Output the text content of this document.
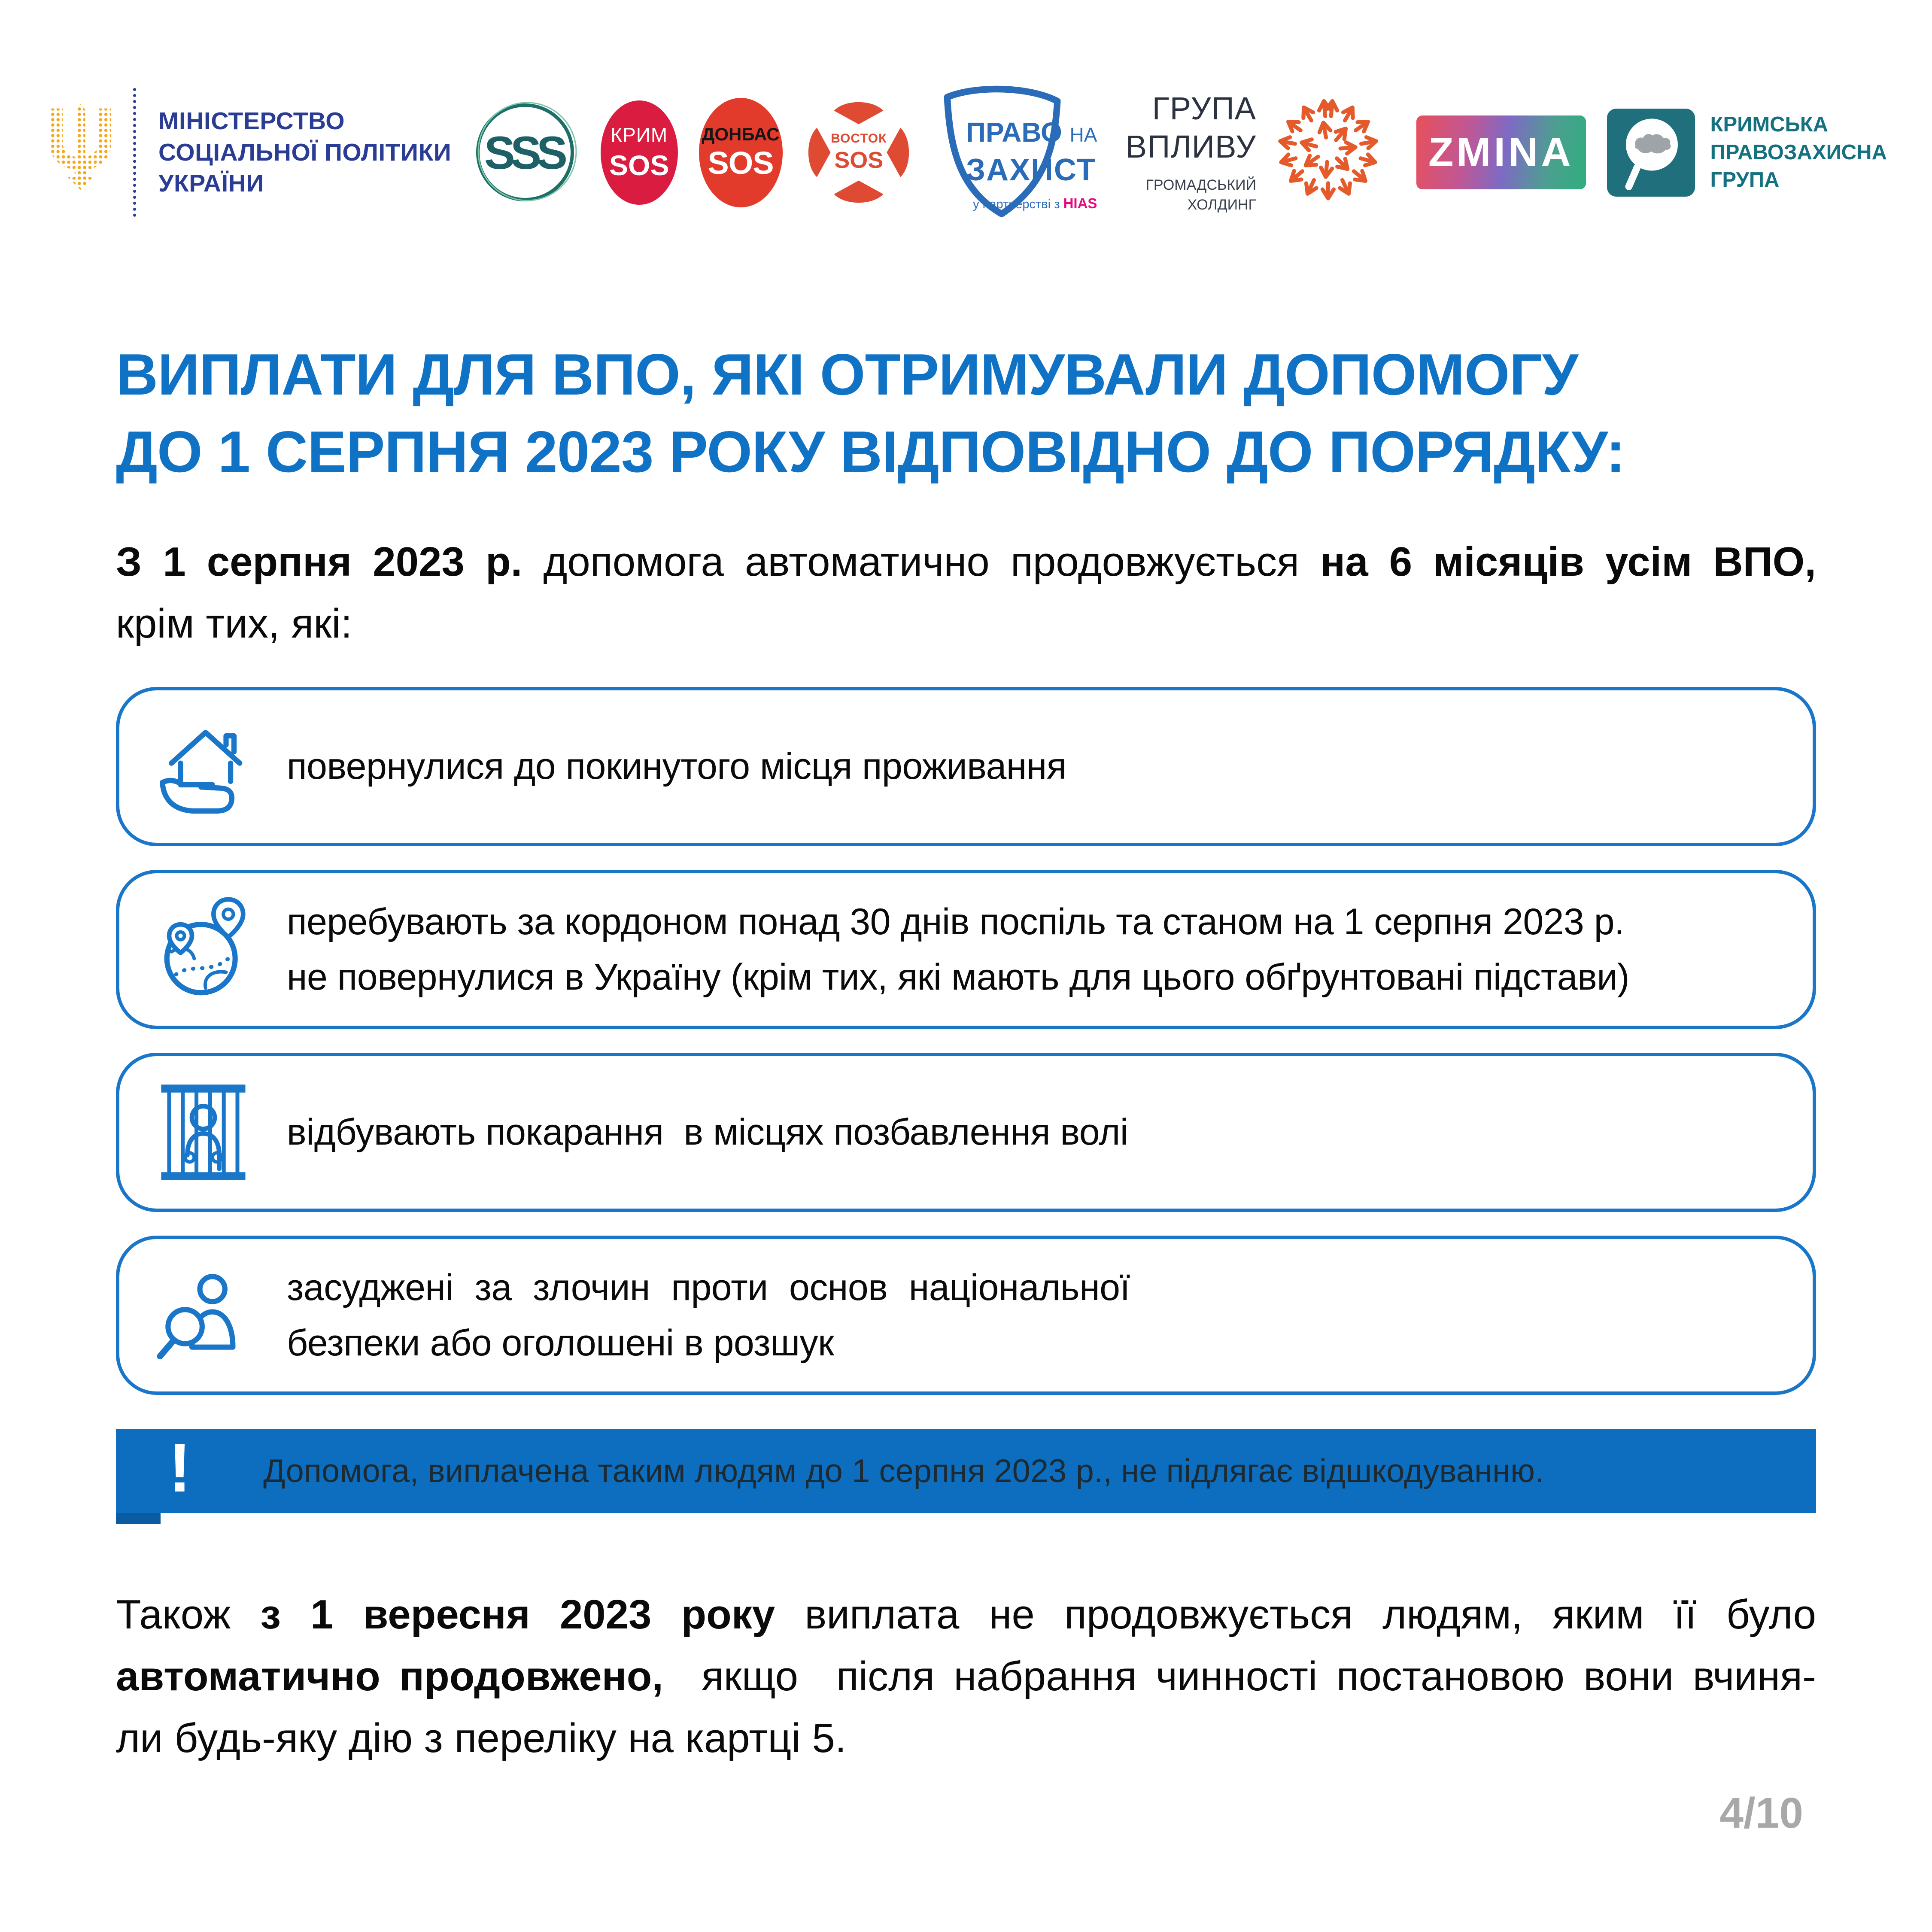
МІНІСТЕРСТВО
СОЦІАЛЬНОЇ ПОЛІТИКИ
УКРАЇНИ
SSS	КРИМ
SOS
ДОНБАС
SOS
ВОСТОК
SOS
ПРАВО НА
ЗАХИСТ
у партнерстві з HIAS
ГРУПА
ВПЛИВУ
ГРОМАДСЬКИЙ
ХОЛДИНГ
ZMINA
КРИМСЬКА
ПРАВОЗАХИСНА
ГРУПА
ВИПЛАТИ ДЛЯ ВПО, ЯКІ ОТРИМУВАЛИ ДОПОМОГУ
ДО 1 СЕРПНЯ 2023 РОКУ ВІДПОВІДНО ДО ПОРЯДКУ:
З 1 серпня 2023 р. допомога автоматично продовжується на 6 місяців усім ВПО,
крім тих, які:
повернулися до покинутого місця проживання
перебувають за кордоном понад 30 днів поспіль та станом на 1 серпня 2023 р.
не повернулися в Україну (крім тих, які мають для цього обґрунтовані підстави)
відбувають покарання  в місцях позбавлення волі
засуджені за злочин проти основ національної
безпеки або оголошені в розшук
! Допомога, виплачена таким людям до 1 серпня 2023 р., не підлягає відшкодуванню.
Також з 1 вересня 2023 року виплата не продовжується людям, яким її було
автоматично продовжено,  якщо  після набрання чинності постановою вони вчиня-
ли будь-яку дію з переліку на картці 5.
4/10
